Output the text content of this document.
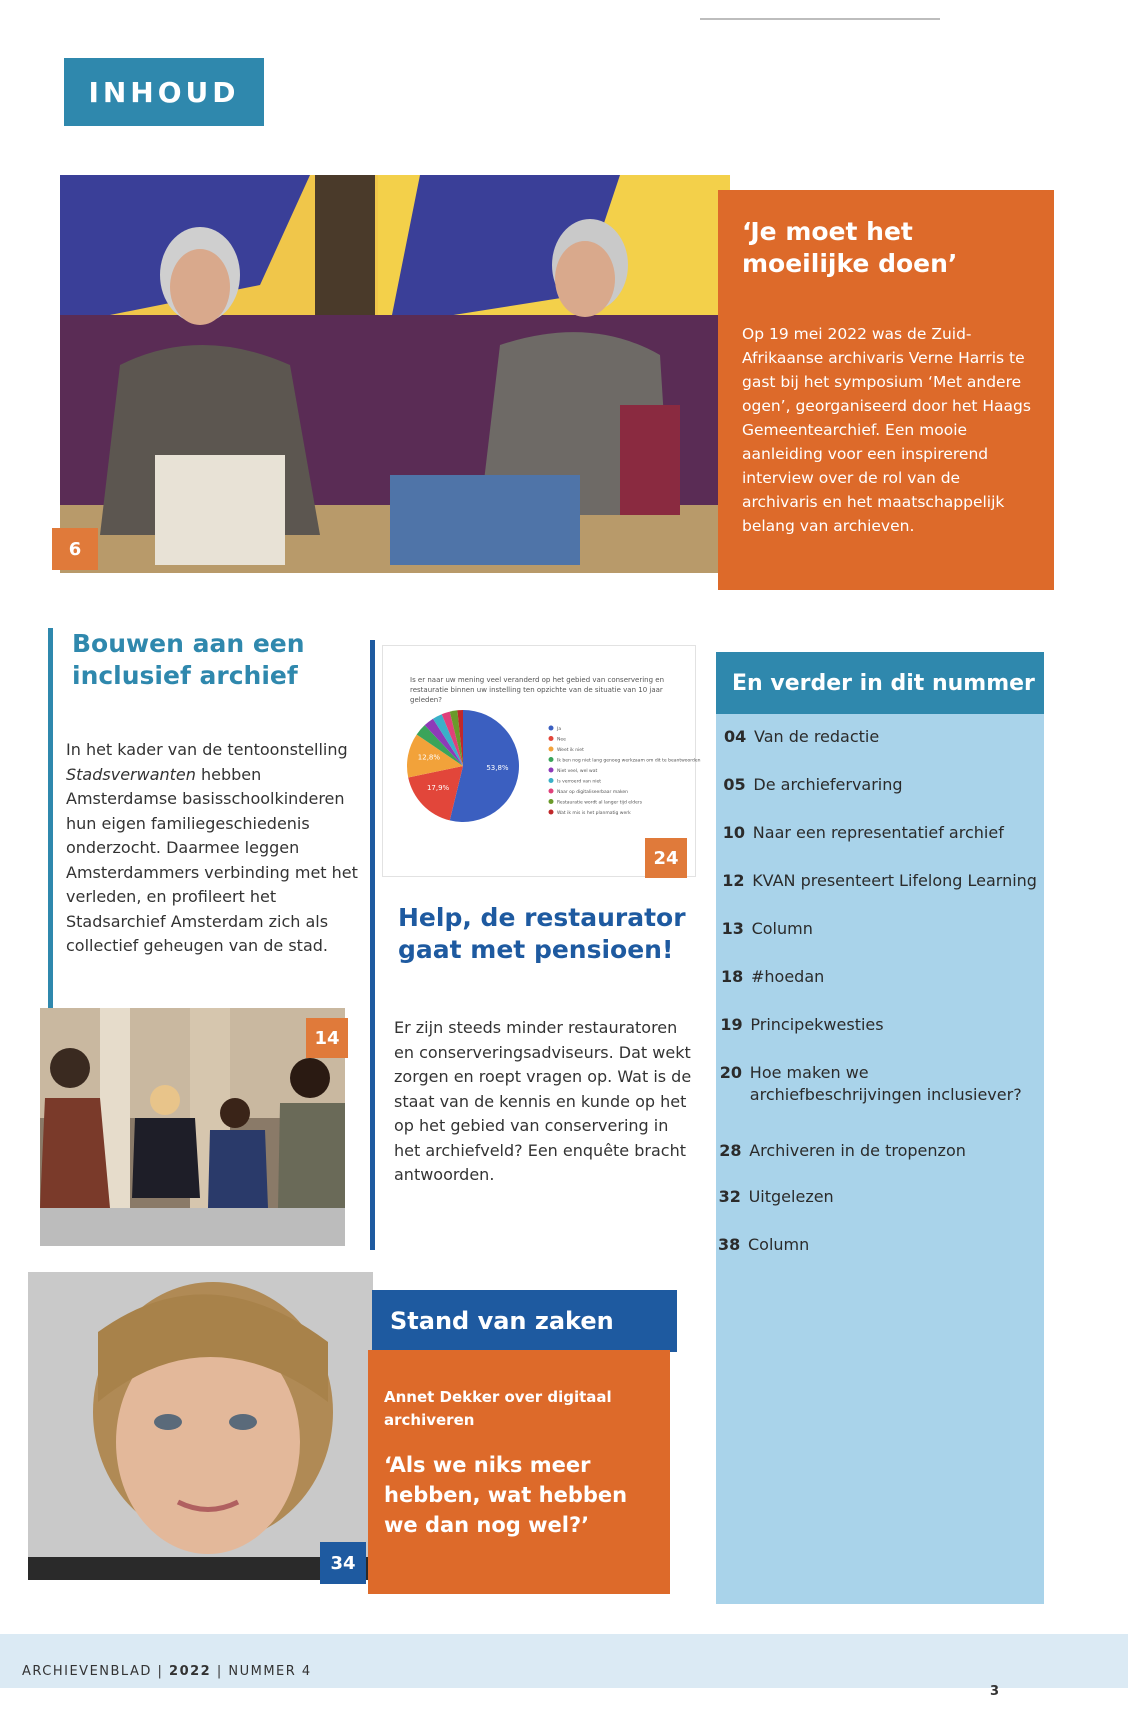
INHOUD
6
‘Je moet het moeilijke doen’

Op 19 mei 2022 was de Zuid-Afrikaanse archivaris Verne Harris te gast bij het symposium ‘Met andere ogen’, georganiseerd door het Haags Gemeentearchief. Een mooie aanleiding voor een inspirerend interview over de rol van de archivaris en het maatschappelijk belang van archieven.

Bouwen aan een inclusief archief
In het kader van de tentoonstelling Stadsverwanten hebben Amsterdamse basisschoolkinderen hun eigen familiegeschiedenis onderzocht. Daarmee leggen Amsterdammers verbinding met het verleden, en profileert het Stadsarchief Amsterdam zich als collectief geheugen van de stad.
14
Is er naar uw mening veel veranderd op het gebied van conservering en restauratie binnen uw instelling ten opzichte van de situatie van 10 jaar geleden?
53,8%
17,9%
12,8%
Ja
Nee
Weet ik niet
Ik ben nog niet lang genoeg werkzaam om dit te beantwoorden
Niet veel, wel wat
Is verroerd van niet
Naar op digitaliseerbaar maken
Restauratie wordt al langer tijd elders
Wat ik mis is het planmatig werk
24
Help, de restaurator gaat met pensioen!
Er zijn steeds minder restauratoren en conserveringsadviseurs. Dat wekt zorgen en roept vragen op. Wat is de staat van de kennis en kunde op het op het gebied van conservering in het archiefveld? Een enquête bracht antwoorden.
En verder in dit nummer
04 Van de redactie
05 De archiefervaring
10 Naar een representatief archief
12 KVAN presenteert Lifelong Learning
13 Column
18 #hoedan
19 Principekwesties
20 Hoe maken we archiefbeschrijvingen inclusiever?
28 Archiveren in de tropenzon
32 Uitgelezen
38 Column
34
Stand van zaken
Annet Dekker over digitaal archiveren
‘Als we niks meer hebben, wat hebben we dan nog wel?’
ARCHIEVENBLAD | 2022 | NUMMER 4
3
